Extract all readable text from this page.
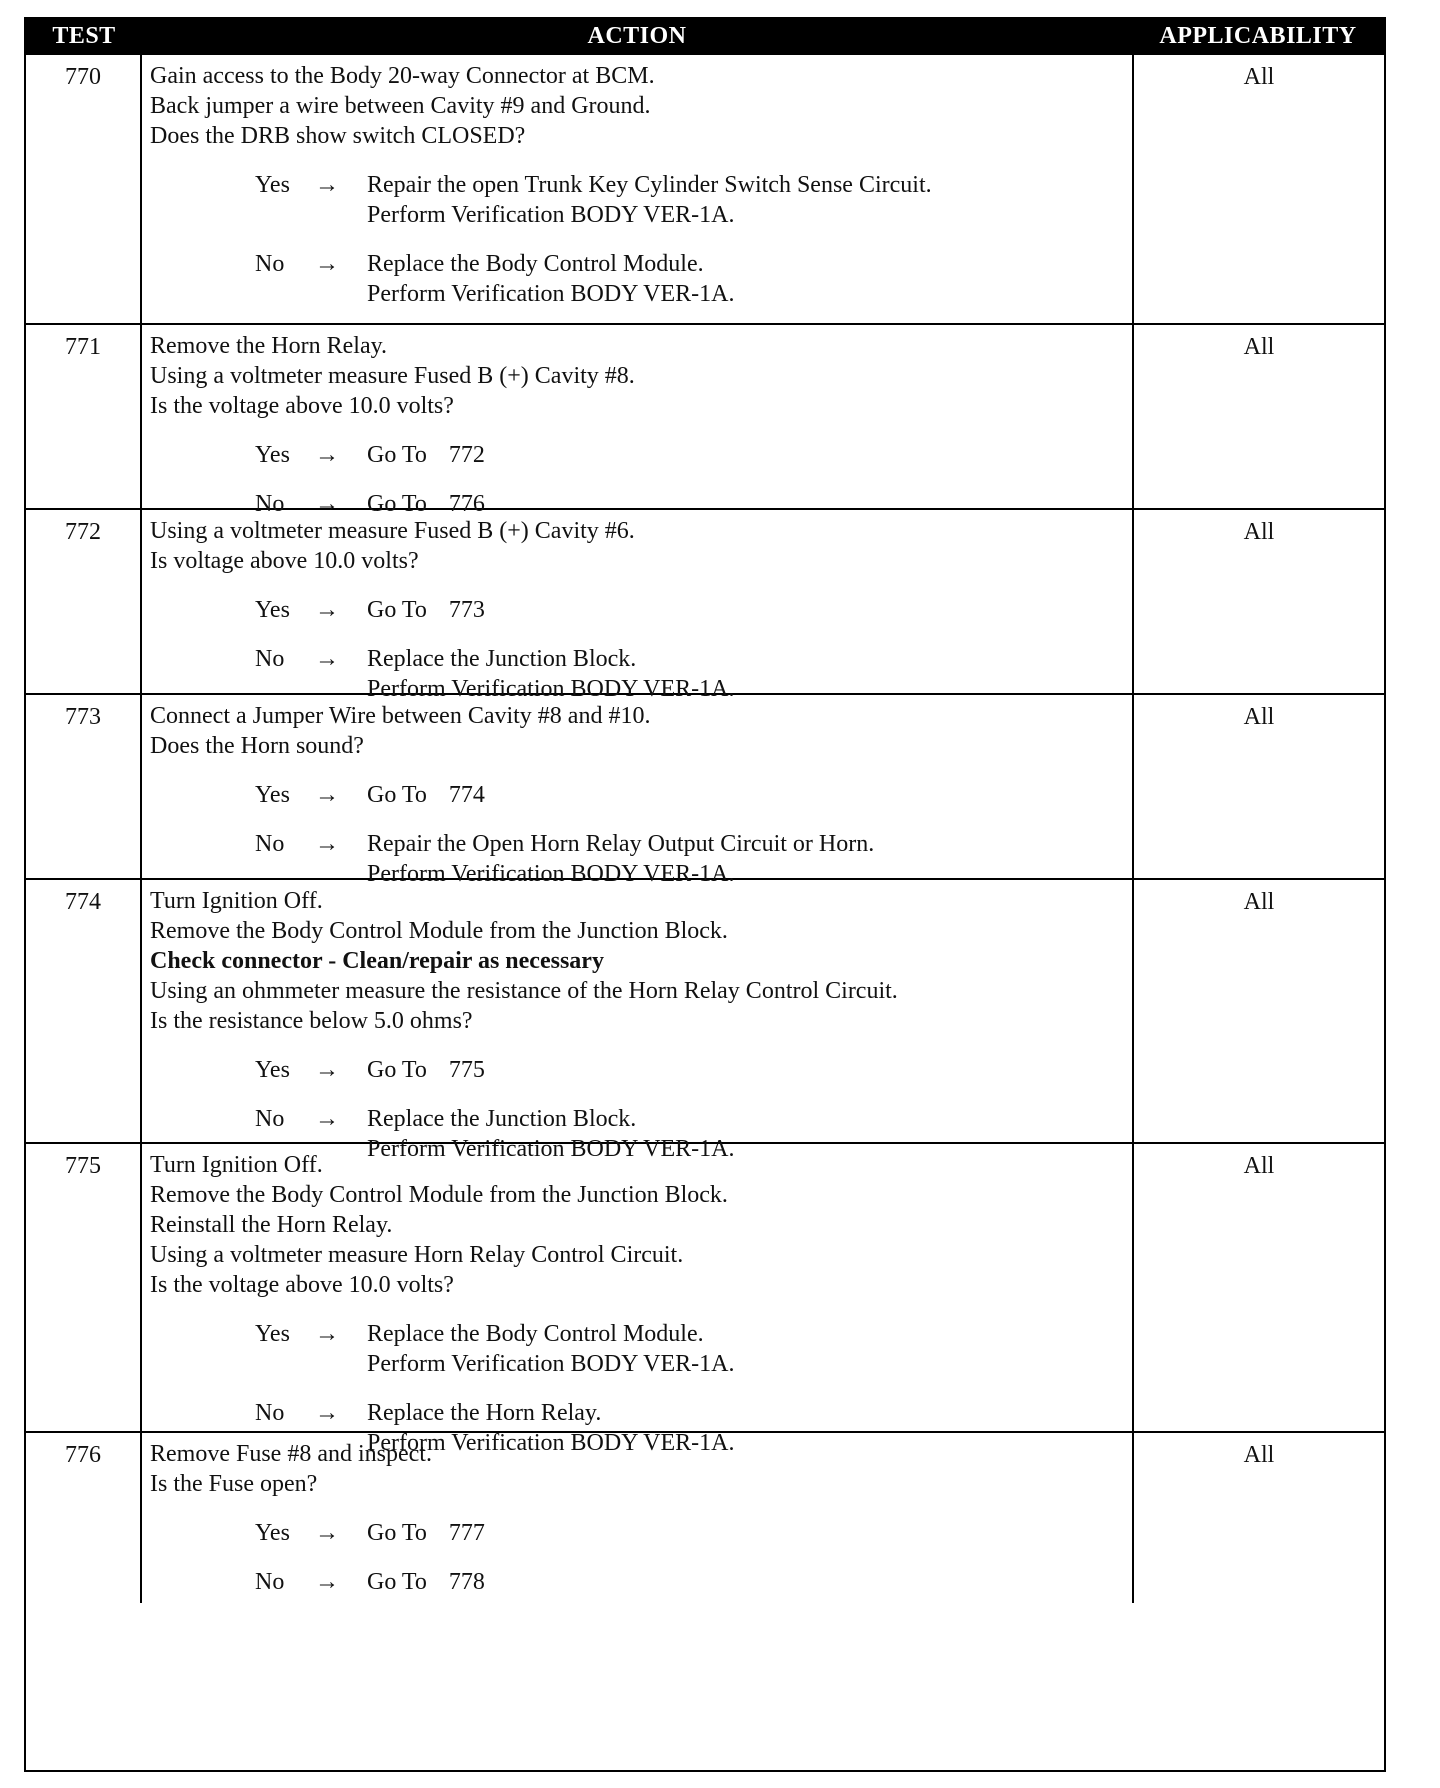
TEST	ACTION	APPLICABILITY
770	Gain access to the Body 20-way Connector at BCM.
Back jumper a wire between Cavity #9 and Ground.
Does the DRB show switch CLOSED?
Yes	→	Repair the open Trunk Key Cylinder Switch Sense Circuit.
Perform Verification BODY VER-1A.
No	→	Replace the Body Control Module.
Perform Verification BODY VER-1A.
All
771	Remove the Horn Relay.
Using a voltmeter measure Fused B (+) Cavity #8.
Is the voltage above 10.0 volts?
Yes	→	Go To 772
No	→	Go To 776
All
772	Using a voltmeter measure Fused B (+) Cavity #6.
Is voltage above 10.0 volts?
Yes	→	Go To 773
No	→	Replace the Junction Block.
Perform Verification BODY VER-1A.
All
773	Connect a Jumper Wire between Cavity #8 and #10.
Does the Horn sound?
Yes	→	Go To 774
No	→	Repair the Open Horn Relay Output Circuit or Horn.
Perform Verification BODY VER-1A.
All
774	Turn Ignition Off.
Remove the Body Control Module from the Junction Block.
Check connector - Clean/repair as necessary
Using an ohmmeter measure the resistance of the Horn Relay Control Circuit.
Is the resistance below 5.0 ohms?
Yes	→	Go To 775
No	→	Replace the Junction Block.
Perform Verification BODY VER-1A.
All
775	Turn Ignition Off.
Remove the Body Control Module from the Junction Block.
Reinstall the Horn Relay.
Using a voltmeter measure Horn Relay Control Circuit.
Is the voltage above 10.0 volts?
Yes	→	Replace the Body Control Module.
Perform Verification BODY VER-1A.
No	→	Replace the Horn Relay.
Perform Verification BODY VER-1A.
All
776	Remove Fuse #8 and inspect.
Is the Fuse open?
Yes	→	Go To 777
No	→	Go To 778
All
